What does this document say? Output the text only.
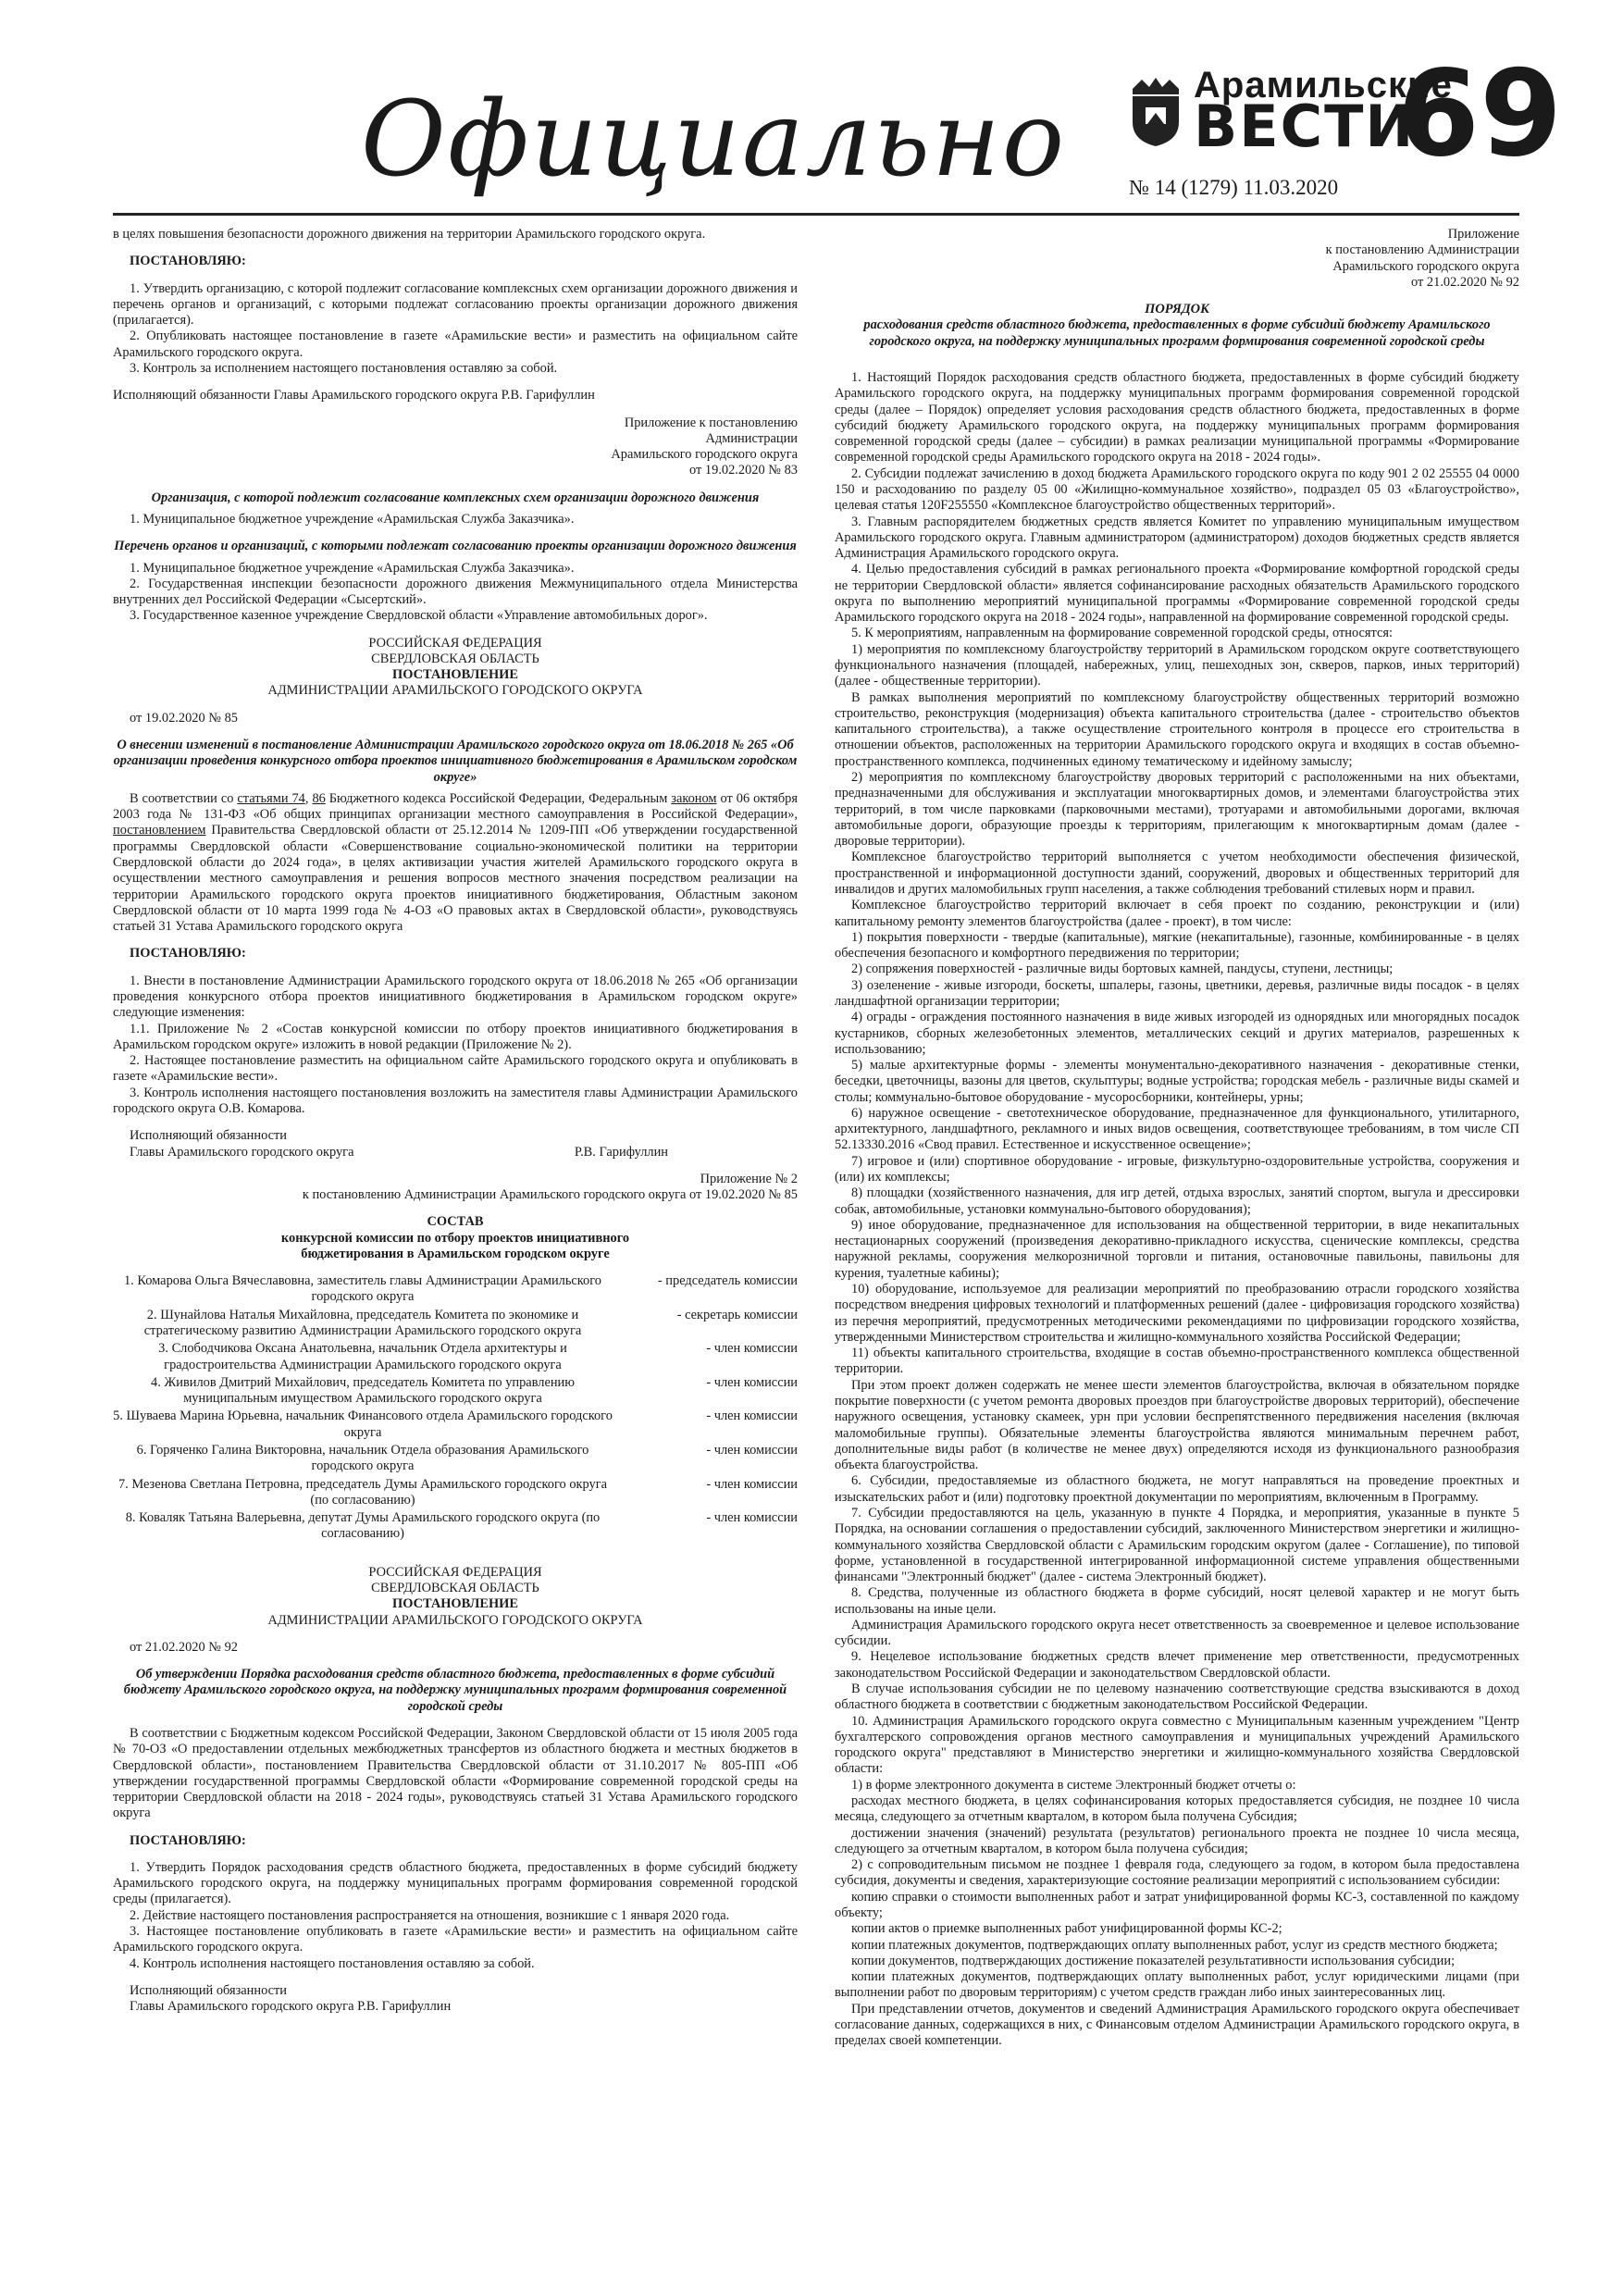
Официально	Арамильские
ВЕСТИ
69
№ 14 (1279) 11.03.2020

в целях повышения безопасности дорожного движения на территории Арамильского городского округа.

ПОСТАНОВЛЯЮ:

1. Утвердить организацию, с которой подлежит согласование комплексных схем организации дорожного движения и перечень органов и организаций, с которыми подлежат согласованию проекты организации дорожного движения (прилагается).

2. Опубликовать настоящее постановление в газете «Арамильские вести» и разместить на официальном сайте Арамильского городского округа.

3. Контроль за исполнением настоящего постановления оставляю за собой.

Исполняющий обязанности Главы Арамильского городского округа Р.В. Гарифуллин

Приложение к постановлению
Администрации
Арамильского городского округа
от 19.02.2020 № 83

Организация, с которой подлежит согласование комплексных схем организации дорожного движения

1. Муниципальное бюджетное учреждение «Арамильская Служба Заказчика».

Перечень органов и организаций, с которыми подлежат согласованию проекты организации дорожного движения

1. Муниципальное бюджетное учреждение «Арамильская Служба Заказчика».

2. Государственная инспекции безопасности дорожного движения Межмуниципального отдела Министерства внутренних дел Российской Федерации «Сысертский».

3. Государственное казенное учреждение Свердловской области «Управление автомобильных дорог».

РОССИЙСКАЯ ФЕДЕРАЦИЯ

СВЕРДЛОВСКАЯ ОБЛАСТЬ

ПОСТАНОВЛЕНИЕ

АДМИНИСТРАЦИИ АРАМИЛЬСКОГО ГОРОДСКОГО ОКРУГА

от 19.02.2020 № 85

О внесении изменений в постановление Администрации Арамильского городского округа от 18.06.2018 № 265 «Об организации проведения конкурсного отбора проектов инициативного бюджетирования в Арамильском городском округе»

В соответствии со статьями 74, 86 Бюджетного кодекса Российской Федерации, Федеральным законом от 06 октября 2003 года № 131-ФЗ «Об общих принципах организации местного самоуправления в Российской Федерации», постановлением Правительства Свердловской области от 25.12.2014 № 1209-ПП «Об утверждении государственной программы Свердловской области «Совершенствование социально-экономической политики на территории Свердловской области до 2024 года», в целях активизации участия жителей Арамильского городского округа в осуществлении местного самоуправления и решения вопросов местного значения посредством реализации на территории Арамильского городского округа проектов инициативного бюджетирования, Областным законом Свердловской области от 10 марта 1999 года № 4-ОЗ «О правовых актах в Свердловской области», руководствуясь статьей 31 Устава Арамильского городского округа

ПОСТАНОВЛЯЮ:

1. Внести в постановление Администрации Арамильского городского округа от 18.06.2018 № 265 «Об организации проведения конкурсного отбора проектов инициативного бюджетирования в Арамильском городском округе» следующие изменения:

1.1. Приложение № 2 «Состав конкурсной комиссии по отбору проектов инициативного бюджетирования в Арамильском городском округе» изложить в новой редакции (Приложение № 2).

2. Настоящее постановление разместить на официальном сайте Арамильского городского округа и опубликовать в газете «Арамильские вести».

3. Контроль исполнения настоящего постановления возложить на заместителя главы Администрации Арамильского городского округа О.В. Комарова.

Исполняющий обязанности

Главы Арамильского городского округа	Р.В. Гарифуллин

Приложение № 2

к постановлению Администрации Арамильского городского округа от 19.02.2020 № 85

СОСТАВ

конкурсной комиссии по отбору проектов инициативного
бюджетирования в Арамильском городском округе

1. Комарова Ольга Вячеславовна, заместитель главы Администрации Арамильского городского округа
- председатель комиссии
2. Шунайлова Наталья Михайловна, председатель Комитета по экономике и стратегическому развитию Администрации Арамильского городского округа
- секретарь комиссии
3. Слободчикова Оксана Анатольевна, начальник Отдела архитектуры и градостроительства Администрации Арамильского городского округа
- член комиссии
4. Живилов Дмитрий Михайлович, председатель Комитета по управлению муниципальным имуществом Арамильского городского округа
- член комиссии
5. Шуваева Марина Юрьевна, начальник Финансового отдела Арамильского городского округа
- член комиссии
6. Горяченко Галина Викторовна, начальник Отдела образования Арамильского городского округа
- член комиссии
7. Мезенова Светлана Петровна, председатель Думы Арамильского городского округа (по согласованию)
- член комиссии
8. Коваляк Татьяна Валерьевна, депутат Думы Арамильского городского округа (по согласованию)
- член комиссии

РОССИЙСКАЯ ФЕДЕРАЦИЯ

СВЕРДЛОВСКАЯ ОБЛАСТЬ

ПОСТАНОВЛЕНИЕ

АДМИНИСТРАЦИИ АРАМИЛЬСКОГО ГОРОДСКОГО ОКРУГА

от 21.02.2020 № 92

Об утверждении Порядка расходования средств областного бюджета, предоставленных в форме субсидий бюджету Арамильского городского округа, на поддержку муниципальных программ формирования современной городской среды

В соответствии с Бюджетным кодексом Российской Федерации, Законом Свердловской области от 15 июля 2005 года № 70-ОЗ «О предоставлении отдельных межбюджетных трансфертов из областного бюджета и местных бюджетов в Свердловской области», постановлением Правительства Свердловской области от 31.10.2017 № 805-ПП «Об утверждении государственной программы Свердловской области «Формирование современной городской среды на территории Свердловской области на 2018 - 2024 годы», руководствуясь статьей 31 Устава Арамильского городского округа

ПОСТАНОВЛЯЮ:

1. Утвердить Порядок расходования средств областного бюджета, предоставленных в форме субсидий бюджету Арамильского городского округа, на поддержку муниципальных программ формирования современной городской среды (прилагается).

2. Действие настоящего постановления распространяется на отношения, возникшие с 1 января 2020 года.

3. Настоящее постановление опубликовать в газете «Арамильские вести» и разместить на официальном сайте Арамильского городского округа.

4. Контроль исполнения настоящего постановления оставляю за собой.

Исполняющий обязанности

Главы Арамильского городского округа Р.В. Гарифуллин

Приложение
к постановлению Администрации
Арамильского городского округа
от 21.02.2020 № 92

ПОРЯДОК

расходования средств областного бюджета, предоставленных в форме субсидий бюджету Арамильского городского округа, на поддержку муниципальных программ формирования современной городской среды

1. Настоящий Порядок расходования средств областного бюджета, предоставленных в форме субсидий бюджету Арамильского городского округа, на поддержку муниципальных программ формирования современной городской среды (далее – Порядок) определяет условия расходования средств областного бюджета, предоставленных в форме субсидий бюджету Арамильского городского округа, на поддержку муниципальных программ формирования современной городской среды (далее – субсидии) в рамках реализации муниципальной программы «Формирование современной городской среды Арамильского городского округа на 2018 - 2024 годы».

2. Субсидии подлежат зачислению в доход бюджета Арамильского городского округа по коду 901 2 02 25555 04 0000 150 и расходованию по разделу 05 00 «Жилищно-коммунальное хозяйство», подраздел 05 03 «Благоустройство», целевая статья 120F255550 «Комплексное благоустройство общественных территорий».

3. Главным распорядителем бюджетных средств является Комитет по управлению муниципальным имуществом Арамильского городского округа. Главным администратором (администратором) доходов бюджетных средств является Администрация Арамильского городского округа.

4. Целью предоставления субсидий в рамках регионального проекта «Формирование комфортной городской среды не территории Свердловской области» является софинансирование расходных обязательств Арамильского городского округа по выполнению мероприятий муниципальной программы «Формирование современной городской среды Арамильского городского округа на 2018 - 2024 годы», направленной на формирование современной городской среды.

5. К мероприятиям, направленным на формирование современной городской среды, относятся:

1) мероприятия по комплексному благоустройству территорий в Арамильском городском округе соответствующего функционального назначения (площадей, набережных, улиц, пешеходных зон, скверов, парков, иных территорий) (далее - общественные территории).

В рамках выполнения мероприятий по комплексному благоустройству общественных территорий возможно строительство, реконструкция (модернизация) объекта капитального строительства (далее - строительство объектов капитального строительства), а также осуществление строительного контроля в процессе его строительства в отношении объектов, расположенных на территории Арамильского городского округа и входящих в состав объемно-пространственного комплекса, подчиненных единому тематическому и идейному замыслу;

2) мероприятия по комплексному благоустройству дворовых территорий с расположенными на них объектами, предназначенными для обслуживания и эксплуатации многоквартирных домов, и элементами благоустройства этих территорий, в том числе парковками (парковочными местами), тротуарами и автомобильными дорогами, включая автомобильные дороги, образующие проезды к территориям, прилегающим к многоквартирным домам (далее - дворовые территории).

Комплексное благоустройство территорий выполняется с учетом необходимости обеспечения физической, пространственной и информационной доступности зданий, сооружений, дворовых и общественных территорий для инвалидов и других маломобильных групп населения, а также соблюдения требований стилевых норм и правил.

Комплексное благоустройство территорий включает в себя проект по созданию, реконструкции и (или) капитальному ремонту элементов благоустройства (далее - проект), в том числе:

1) покрытия поверхности - твердые (капитальные), мягкие (некапитальные), газонные, комбинированные - в целях обеспечения безопасного и комфортного передвижения по территории;

2) сопряжения поверхностей - различные виды бортовых камней, пандусы, ступени, лестницы;

3) озеленение - живые изгороди, боскеты, шпалеры, газоны, цветники, деревья, различные виды посадок - в целях ландшафтной организации территории;

4) ограды - ограждения постоянного назначения в виде живых изгородей из однорядных или многорядных посадок кустарников, сборных железобетонных элементов, металлических секций и других материалов, разрешенных к использованию;

5) малые архитектурные формы - элементы монументально-декоративного назначения - декоративные стенки, беседки, цветочницы, вазоны для цветов, скульптуры; водные устройства; городская мебель - различные виды скамей и столы; коммунально-бытовое оборудование - мусоросборники, контейнеры, урны;

6) наружное освещение - светотехническое оборудование, предназначенное для функционального, утилитарного, архитектурного, ландшафтного, рекламного и иных видов освещения, соответствующее требованиям, в том числе СП 52.13330.2016 «Свод правил. Естественное и искусственное освещение»;

7) игровое и (или) спортивное оборудование - игровые, физкультурно-оздоровительные устройства, сооружения и (или) их комплексы;

8) площадки (хозяйственного назначения, для игр детей, отдыха взрослых, занятий спортом, выгула и дрессировки собак, автомобильные, установки коммунально-бытового оборудования);

9) иное оборудование, предназначенное для использования на общественной территории, в виде некапитальных нестационарных сооружений (произведения декоративно-прикладного искусства, сценические комплексы, средства наружной рекламы, сооружения мелкорозничной торговли и питания, остановочные павильоны, павильоны для курения, туалетные кабины);

10) оборудование, используемое для реализации мероприятий по преобразованию отрасли городского хозяйства посредством внедрения цифровых технологий и платформенных решений (далее - цифровизация городского хозяйства) из перечня мероприятий, предусмотренных методическими рекомендациями по цифровизации городского хозяйства, утвержденными Министерством строительства и жилищно-коммунального хозяйства Российской Федерации;

11) объекты капитального строительства, входящие в состав объемно-пространственного комплекса общественной территории.

При этом проект должен содержать не менее шести элементов благоустройства, включая в обязательном порядке покрытие поверхности (с учетом ремонта дворовых проездов при благоустройстве дворовых территорий), обеспечение наружного освещения, установку скамеек, урн при условии беспрепятственного передвижения населения (включая маломобильные группы). Обязательные элементы благоустройства являются минимальным перечнем работ, дополнительные виды работ (в количестве не менее двух) определяются исходя из функционального разнообразия объекта благоустройства.

6. Субсидии, предоставляемые из областного бюджета, не могут направляться на проведение проектных и изыскательских работ и (или) подготовку проектной документации по мероприятиям, включенным в Программу.

7. Субсидии предоставляются на цель, указанную в пункте 4 Порядка, и мероприятия, указанные в пункте 5 Порядка, на основании соглашения о предоставлении субсидий, заключенного Министерством энергетики и жилищно-коммунального хозяйства Свердловской области с Арамильским городским округом (далее - Соглашение), по типовой форме, установленной в государственной интегрированной информационной системе управления общественными финансами "Электронный бюджет" (далее - система Электронный бюджет).

8. Средства, полученные из областного бюджета в форме субсидий, носят целевой характер и не могут быть использованы на иные цели.

Администрация Арамильского городского округа несет ответственность за своевременное и целевое использование субсидии.

9. Нецелевое использование бюджетных средств влечет применение мер ответственности, предусмотренных законодательством Российской Федерации и законодательством Свердловской области.

В случае использования субсидии не по целевому назначению соответствующие средства взыскиваются в доход областного бюджета в соответствии с бюджетным законодательством Российской Федерации.

10. Администрация Арамильского городского округа совместно с Муниципальным казенным учреждением "Центр бухгалтерского сопровождения органов местного самоуправления и муниципальных учреждений Арамильского городского округа" представляют в Министерство энергетики и жилищно-коммунального хозяйства Свердловской области:

1) в форме электронного документа в системе Электронный бюджет отчеты о:

расходах местного бюджета, в целях софинансирования которых предоставляется субсидия, не позднее 10 числа месяца, следующего за отчетным кварталом, в котором была получена Субсидия;

достижении значения (значений) результата (результатов) регионального проекта не позднее 10 числа месяца, следующего за отчетным кварталом, в котором была получена субсидия;

2) с сопроводительным письмом не позднее 1 февраля года, следующего за годом, в котором была предоставлена субсидия, документы и сведения, характеризующие состояние реализации мероприятий с использованием субсидии:

копию справки о стоимости выполненных работ и затрат унифицированной формы КС-3, составленной по каждому объекту;

копии актов о приемке выполненных работ унифицированной формы КС-2;

копии платежных документов, подтверждающих оплату выполненных работ, услуг из средств местного бюджета;

копии документов, подтверждающих достижение показателей результативности использования субсидии;

копии платежных документов, подтверждающих оплату выполненных работ, услуг юридическими лицами (при выполнении работ по дворовым территориям) с учетом средств граждан либо иных заинтересованных лиц.

При представлении отчетов, документов и сведений Администрация Арамильского городского округа обеспечивает согласование данных, содержащихся в них, с Финансовым отделом Администрации Арамильского городского округа, в пределах своей компетенции.
